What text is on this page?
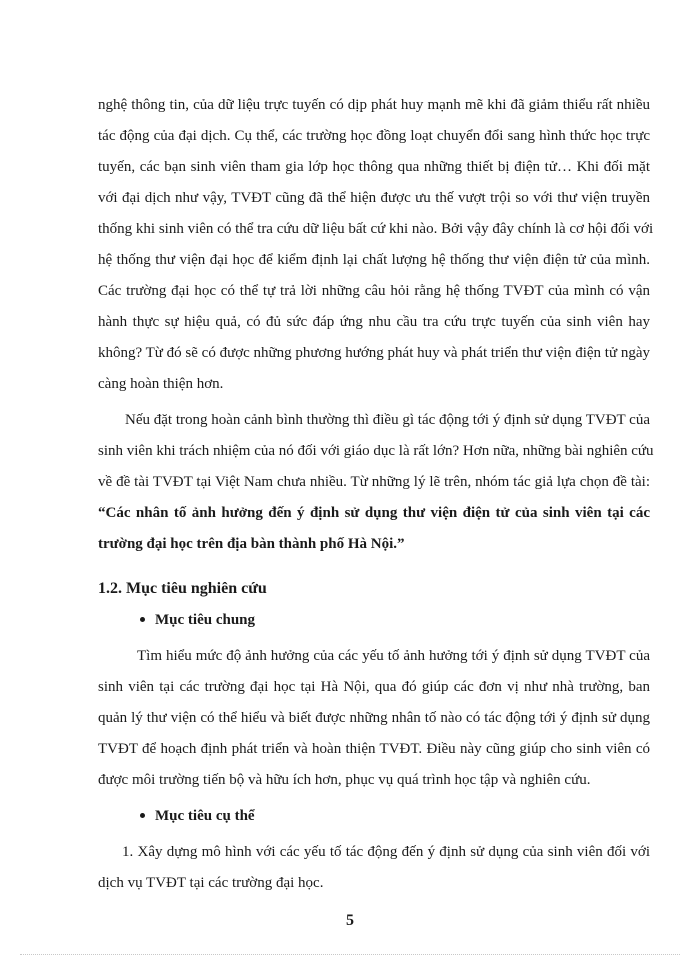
nghệ thông tin, của dữ liệu trực tuyến có dịp phát huy mạnh mẽ khi đã giảm thiểu rất nhiều
tác động của đại dịch. Cụ thể, các trường học đồng loạt chuyển đổi sang hình thức học trực
tuyến, các bạn sinh viên tham gia lớp học thông qua những thiết bị điện tử… Khi đối mặt
với đại dịch như vậy, TVĐT cũng đã thể hiện được ưu thế vượt trội so với thư viện truyền
thống khi sinh viên có thể tra cứu dữ liệu bất cứ khi nào. Bởi vậy đây chính là cơ hội đối với
hệ thống thư viện đại học để kiểm định lại chất lượng hệ thống thư viện điện tử của mình.
Các trường đại học có thể tự trả lời những câu hỏi rằng hệ thống TVĐT của mình có vận
hành thực sự hiệu quả, có đủ sức đáp ứng nhu cầu tra cứu trực tuyến của sinh viên hay
không? Từ đó sẽ có được những phương hướng phát huy và phát triển thư viện điện tử ngày
càng hoàn thiện hơn.
Nếu đặt trong hoàn cảnh bình thường thì điều gì tác động tới ý định sử dụng TVĐT của
sinh viên khi trách nhiệm của nó đối với giáo dục là rất lớn? Hơn nữa, những bài nghiên cứu
về đề tài TVĐT tại Việt Nam chưa nhiều. Từ những lý lẽ trên, nhóm tác giả lựa chọn đề tài:
“Các nhân tố ảnh hưởng đến ý định sử dụng thư viện điện tử của sinh viên tại các
trường đại học trên địa bàn thành phố Hà Nội.”
1.2. Mục tiêu nghiên cứu
Mục tiêu chung
Tìm hiểu mức độ ảnh hưởng của các yếu tố ảnh hưởng tới ý định sử dụng TVĐT của
sinh viên tại các trường đại học tại Hà Nội, qua đó giúp các đơn vị như nhà trường, ban
quản lý thư viện có thể hiểu và biết được những nhân tố nào có tác động tới ý định sử dụng
TVĐT để hoạch định phát triển và hoàn thiện TVĐT. Điều này cũng giúp cho sinh viên có
được môi trường tiến bộ và hữu ích hơn, phục vụ quá trình học tập và nghiên cứu.
Mục tiêu cụ thể
1. Xây dựng mô hình với các yếu tố tác động đến ý định sử dụng của sinh viên đối với
dịch vụ TVĐT tại các trường đại học.
5
